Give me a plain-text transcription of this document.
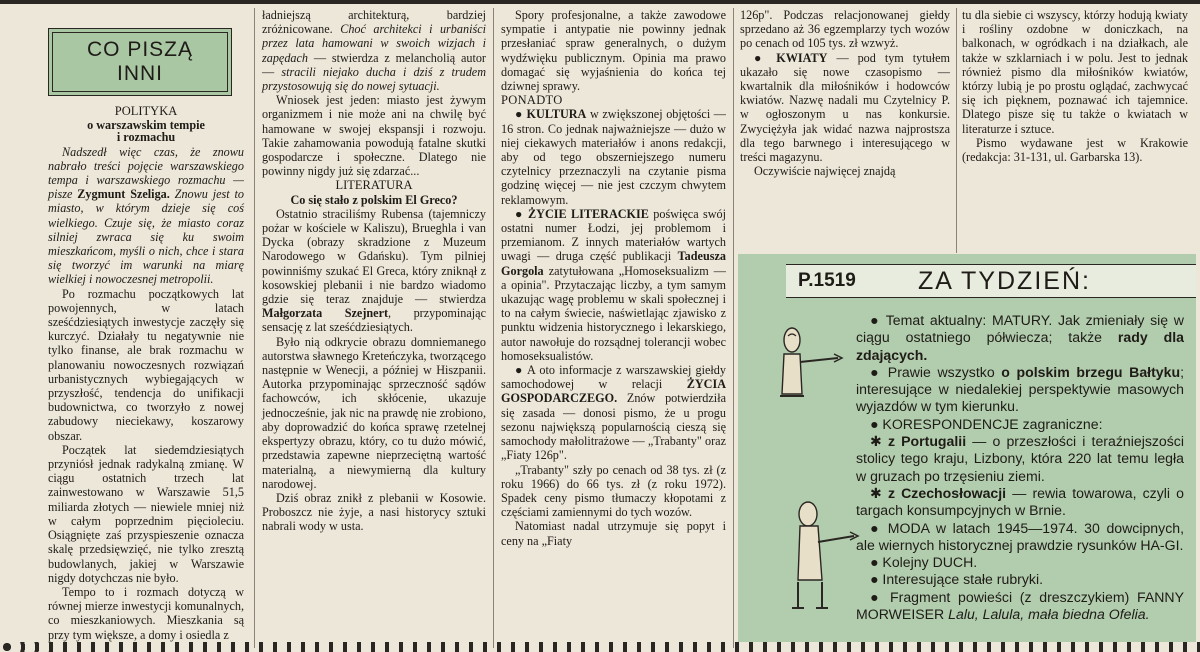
CO PISZĄ
INNI

POLITYKA

o warszawskim tempie

i rozmachu

Nadszedł więc czas, że znowu nabrało treści pojęcie warszawskiego tempa i warszawskiego rozmachu — pisze Zygmunt Szeliga. Znowu jest to miasto, w którym dzieje się coś wielkiego. Czuje się, że miasto coraz silniej zwraca się ku swoim mieszkańcom, myśli o nich, chce i stara się tworzyć im warunki na miarę wielkiej i nowoczesnej metropolii.

Po rozmachu początkowych lat powojennych, w latach sześćdziesiątych inwestycje zaczęły się kurczyć. Działały tu negatywnie nie tylko finanse, ale brak rozmachu w planowaniu nowoczesnych rozwiązań urbanistycznych wybiegających w przyszłość, tendencja do unifikacji budownictwa, co tworzyło z nowej zabudowy nieciekawy, koszarowy obszar.

Początek lat siedemdziesiątych przyniósł jednak radykalną zmianę. W ciągu ostatnich trzech lat zainwestowano w Warszawie 51,5 miliarda złotych — niewiele mniej niż w całym poprzednim pięcioleciu. Osiągnięte zaś przyspieszenie oznacza skalę przedsięwzięć, nie tylko zresztą budowlanych, jakiej w Warszawie nigdy dotychczas nie było.

Tempo to i rozmach dotyczą w równej mierze inwestycji komunalnych, co mieszkaniowych. Mieszkania są przy tym większe, a domy i osiedla z

ładniejszą architekturą, bardziej zróżnicowane. Choć architekci i urbaniści przez lata hamowani w swoich wizjach i zapędach — stwierdza z melancholią autor — stracili niejako ducha i dziś z trudem przystosowują się do nowej sytuacji.

Wniosek jest jeden: miasto jest żywym organizmem i nie może ani na chwilę być hamowane w swojej ekspansji i rozwoju. Takie zahamowania powodują fatalne skutki gospodarcze i społeczne. Dlatego nie powinny nigdy już się zdarzać...

LITERATURA

Co się stało z polskim El Greco?

Ostatnio straciliśmy Rubensa (tajemniczy pożar w kościele w Kaliszu), Brueghla i van Dycka (obrazy skradzione z Muzeum Narodowego w Gdańsku). Tym pilniej powinniśmy szukać El Greca, który zniknął z kosowskiej plebanii i nie bardzo wiadomo gdzie się teraz znajduje — stwierdza Małgorzata Szejnert, przypominając sensację z lat sześćdziesiątych.

Było nią odkrycie obrazu domniemanego autorstwa sławnego Kreteńczyka, tworzącego następnie w Wenecji, a później w Hiszpanii. Autorka przypominając sprzeczność sądów fachowców, ich skłócenie, ukazuje jednocześnie, jak nic na prawdę nie zrobiono, aby doprowadzić do końca sprawę rzetelnej ekspertyzy obrazu, który, co tu dużo mówić, przedstawia zapewne nieprzeciętną wartość materialną, a niewymierną dla kultury narodowej.

Dziś obraz znikł z plebanii w Kosowie. Proboszcz nie żyje, a nasi historycy sztuki nabrali wody w usta.

Spory profesjonalne, a także zawodowe sympatie i antypatie nie powinny jednak przesłaniać spraw generalnych, o dużym wydźwięku publicznym. Opinia ma prawo domagać się wyjaśnienia do końca tej dziwnej sprawy.

PONADTO

● KULTURA w zwiększonej objętości — 16 stron. Co jednak najważniejsze — dużo w niej ciekawych materiałów i anons redakcji, aby od tego obszerniejszego numeru czytelnicy przeznaczyli na czytanie pisma godzinę więcej — nie jest czczym chwytem reklamowym.

● ŻYCIE LITERACKIE poświęca swój ostatni numer Łodzi, jej problemom i przemianom. Z innych materiałów wartych uwagi — druga część publikacji Tadeusza Gorgola zatytułowana „Homoseksualizm — a opinia". Przytaczając liczby, a tym samym ukazując wagę problemu w skali społecznej i to na całym świecie, naświetlając zjawisko z punktu widzenia historycznego i lekarskiego, autor nawołuje do rozsądnej tolerancji wobec homoseksualistów.

● A oto informacje z warszawskiej giełdy samochodowej w relacji ŻYCIA GOSPODARCZEGO. Znów potwierdziła się zasada — donosi pismo, że u progu sezonu największą popularnością cieszą się samochody małolitrażowe — „Trabanty" oraz „Fiaty 126p".

„Trabanty" szły po cenach od 38 tys. zł (z roku 1966) do 66 tys. zł (z roku 1972). Spadek ceny pismo tłumaczy kłopotami z częściami zamiennymi do tych wozów.

Natomiast nadal utrzymuje się popyt i ceny na „Fiaty

126p". Podczas relacjonowanej giełdy sprzedano aż 36 egzemplarzy tych wozów po cenach od 105 tys. zł wzwyż.

● KWIATY — pod tym tytułem ukazało się nowe czasopismo — kwartalnik dla miłośników i hodowców kwiatów. Nazwę nadali mu Czytelnicy P. w ogłoszonym u nas konkursie. Zwyciężyła jak widać nazwa najprostsza dla tego barwnego i interesującego w treści magazynu.

Oczywiście najwięcej znajdą

tu dla siebie ci wszyscy, którzy hodują kwiaty i rośliny ozdobne w doniczkach, na balkonach, w ogródkach i na działkach, ale także w szklarniach i w polu. Jest to jednak również pismo dla miłośników kwiatów, którzy lubią je po prostu oglądać, zachwycać się ich pięknem, poznawać ich tajemnice. Dlatego pisze się tu także o kwiatach w literaturze i sztuce.

Pismo wydawane jest w Krakowie (redakcja: 31-131, ul. Garbarska 13).

P.1519 ZA TYDZIEŃ:

● Temat aktualny: MATURY. Jak zmieniały się w ciągu ostatniego półwiecza; także rady dla zdających.

● Prawie wszystko o polskim brzegu Bałtyku; interesujące w niedalekiej perspektywie masowych wyjazdów w tym kierunku.

● KORESPONDENCJE zagraniczne:

✱ z Portugalii — o przeszłości i teraźniejszości stolicy tego kraju, Lizbony, która 220 lat temu legła w gruzach po trzęsieniu ziemi.

✱ z Czechosłowacji — rewia towarowa, czyli o targach konsumpcyjnych w Brnie.

● MODA w latach 1945—1974. 30 dowcipnych, ale wiernych historycznej prawdzie rysunków HA-GI.

● Kolejny DUCH.

● Interesujące stałe rubryki.

● Fragment powieści (z dreszczykiem) FANNY MORWEISER Lalu, Lalula, mała biedna Ofelia.
